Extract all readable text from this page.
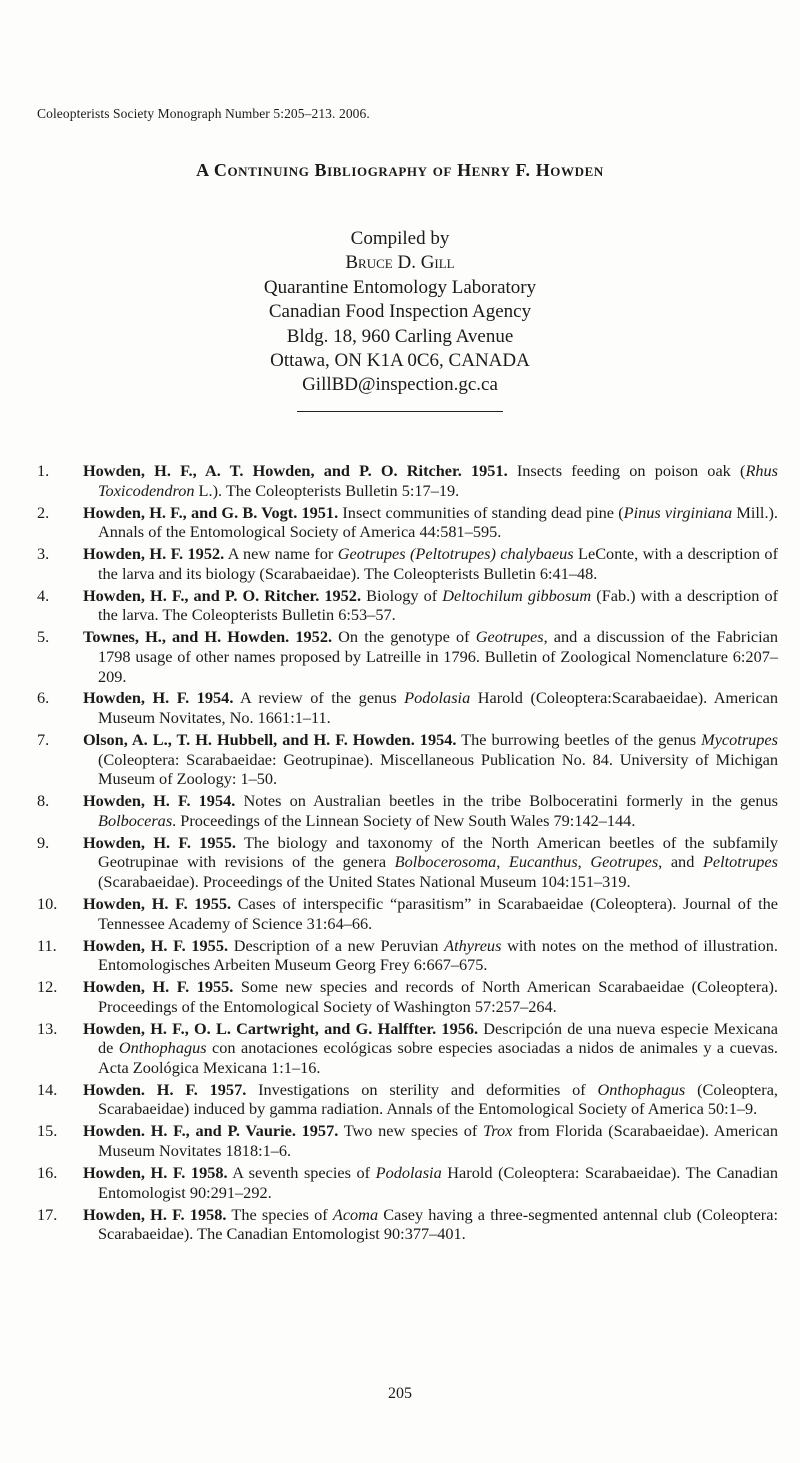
Coleopterists Society Monograph Number 5:205–213. 2006.
A Continuing Bibliography of Henry F. Howden
Compiled by
Bruce D. Gill
Quarantine Entomology Laboratory
Canadian Food Inspection Agency
Bldg. 18, 960 Carling Avenue
Ottawa, ON K1A 0C6, CANADA
GillBD@inspection.gc.ca
1.	Howden, H. F., A. T. Howden, and P. O. Ritcher. 1951. Insects feeding on poison oak (Rhus Toxicodendron L.). The Coleopterists Bulletin 5:17–19.
2.	Howden, H. F., and G. B. Vogt. 1951. Insect communities of standing dead pine (Pinus virginiana Mill.). Annals of the Entomological Society of America 44:581–595.
3.	Howden, H. F. 1952. A new name for Geotrupes (Peltotrupes) chalybaeus LeConte, with a description of the larva and its biology (Scarabaeidae). The Coleopterists Bulletin 6:41–48.
4.	Howden, H. F., and P. O. Ritcher. 1952. Biology of Deltochilum gibbosum (Fab.) with a description of the larva. The Coleopterists Bulletin 6:53–57.
5.	Townes, H., and H. Howden. 1952. On the genotype of Geotrupes, and a discussion of the Fabrician 1798 usage of other names proposed by Latreille in 1796. Bulletin of Zoological Nomenclature 6:207–209.
6.	Howden, H. F. 1954. A review of the genus Podolasia Harold (Coleoptera:Scarabaeidae). American Museum Novitates, No. 1661:1–11.
7.	Olson, A. L., T. H. Hubbell, and H. F. Howden. 1954. The burrowing beetles of the genus Mycotrupes (Coleoptera: Scarabaeidae: Geotrupinae). Miscellaneous Publication No. 84. University of Michigan Museum of Zoology: 1–50.
8.	Howden, H. F. 1954. Notes on Australian beetles in the tribe Bolboceratini formerly in the genus Bolboceras. Proceedings of the Linnean Society of New South Wales 79:142–144.
9.	Howden, H. F. 1955. The biology and taxonomy of the North American beetles of the subfamily Geotrupinae with revisions of the genera Bolbocerosoma, Eucanthus, Geotrupes, and Peltotrupes (Scarabaeidae). Proceedings of the United States National Museum 104:151–319.
10.	Howden, H. F. 1955. Cases of interspecific “parasitism” in Scarabaeidae (Coleoptera). Journal of the Tennessee Academy of Science 31:64–66.
11.	Howden, H. F. 1955. Description of a new Peruvian Athyreus with notes on the method of illustration. Entomologisches Arbeiten Museum Georg Frey 6:667–675.
12.	Howden, H. F. 1955. Some new species and records of North American Scarabaeidae (Coleoptera). Proceedings of the Entomological Society of Washington 57:257–264.
13.	Howden, H. F., O. L. Cartwright, and G. Halffter. 1956. Descripción de una nueva especie Mexicana de Onthophagus con anotaciones ecológicas sobre especies asociadas a nidos de animales y a cuevas. Acta Zoológica Mexicana 1:1–16.
14.	Howden. H. F. 1957. Investigations on sterility and deformities of Onthophagus (Coleoptera, Scarabaeidae) induced by gamma radiation. Annals of the Entomological Society of America 50:1–9.
15.	Howden. H. F., and P. Vaurie. 1957. Two new species of Trox from Florida (Scarabaeidae). American Museum Novitates 1818:1–6.
16.	Howden, H. F. 1958. A seventh species of Podolasia Harold (Coleoptera: Scarabaeidae). The Canadian Entomologist 90:291–292.
17.	Howden, H. F. 1958. The species of Acoma Casey having a three-segmented antennal club (Coleoptera: Scarabaeidae). The Canadian Entomologist 90:377–401.
205
